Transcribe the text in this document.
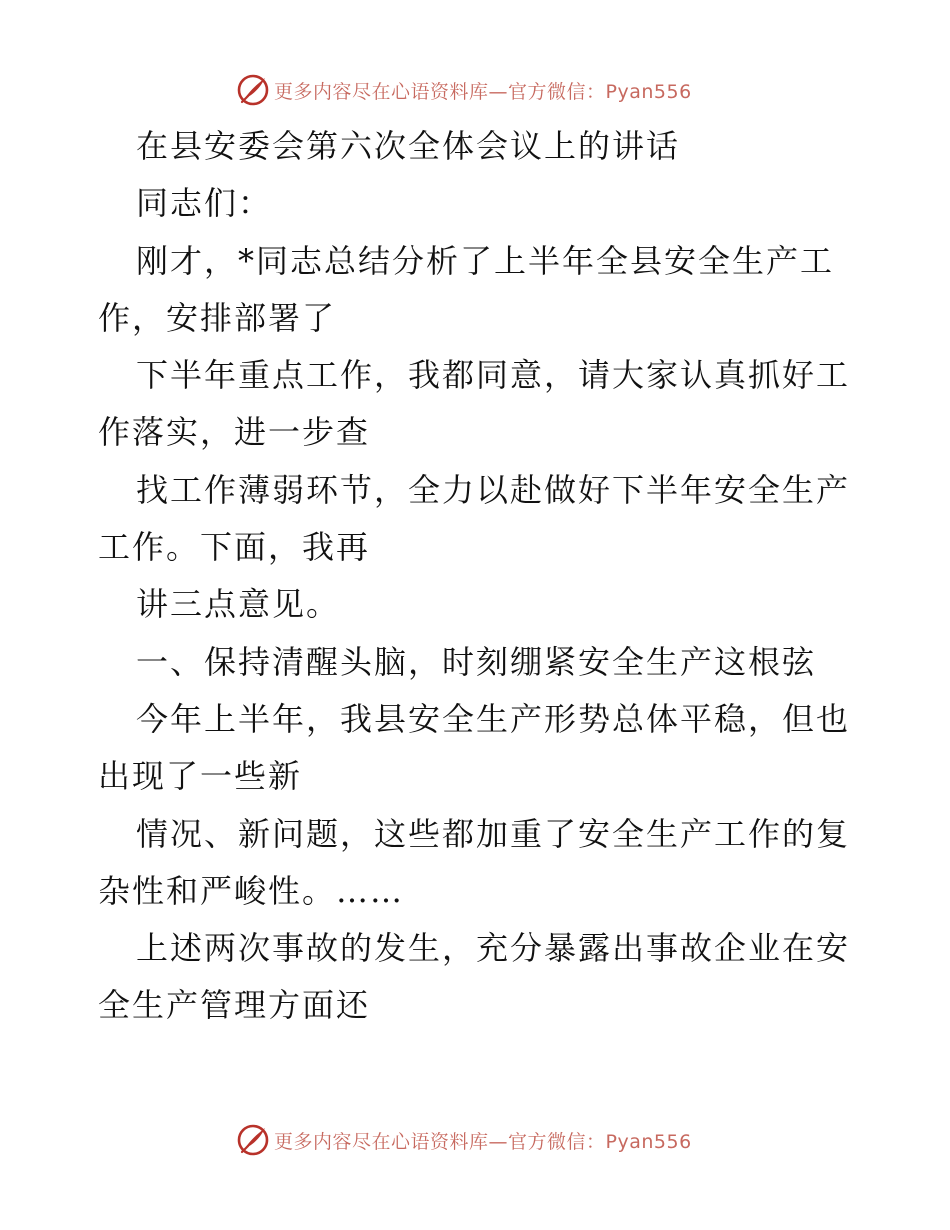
更多内容尽在心语资料库—官方微信：Pyan556
在县安委会第六次全体会议上的讲话
同志们：
刚才，*同志总结分析了上半年全县安全生产工
作，安排部署了
下半年重点工作，我都同意，请大家认真抓好工
作落实，进一步查
找工作薄弱环节，全力以赴做好下半年安全生产
工作。下面，我再
讲三点意见。
一、保持清醒头脑，时刻绷紧安全生产这根弦
今年上半年，我县安全生产形势总体平稳，但也
出现了一些新
情况、新问题，这些都加重了安全生产工作的复
杂性和严峻性。……
上述两次事故的发生，充分暴露出事故企业在安
全生产管理方面还
更多内容尽在心语资料库—官方微信：Pyan556
